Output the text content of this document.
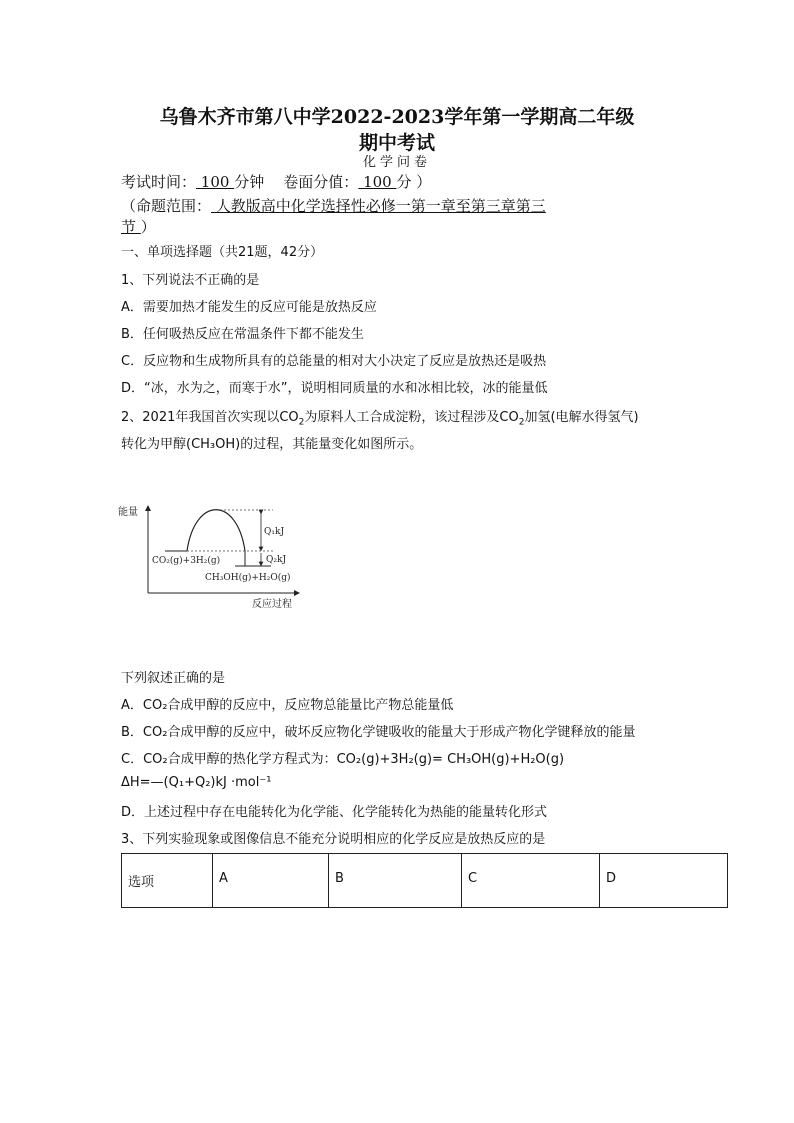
乌鲁木齐市第八中学2022-2023学年第一学期高二年级
期中考试
化学问卷
考试时间： 100 分钟 卷面分值： 100 分 ）
（命题范围： 人教版高中化学选择性必修一第一章至第三章第三
节 ）
一、单项选择题（共21题，42分）
1、下列说法不正确的是
A．需要加热才能发生的反应可能是放热反应
B．任何吸热反应在常温条件下都不能发生
C．反应物和生成物所具有的总能量的相对大小决定了反应是放热还是吸热
D．“冰，水为之，而寒于水”，说明相同质量的水和冰相比较，冰的能量低
2、2021年我国首次实现以$CO_2$为原料人工合成淀粉，该过程涉及$CO_2$加氢(电解水得氢气)
转化为甲醇(CH₃OH)的过程，其能量变化如图所示。
能量
反应过程
Q₁kJ
Q₂kJ
CO₂(g)+3H₂(g)
CH₃OH(g)+H₂O(g)
下列叙述正确的是
A．CO₂合成甲醇的反应中，反应物总能量比产物总能量低
B．CO₂合成甲醇的反应中，破坏反应物化学键吸收的能量大于形成产物化学键释放的能量
C．CO₂合成甲醇的热化学方程式为：CO₂(g)+3H₂(g)= CH₃OH(g)+H₂O(g)
ΔH=—(Q₁+Q₂)kJ ·mol⁻¹
D．上述过程中存在电能转化为化学能、化学能转化为热能的能量转化形式
3、下列实验现象或图像信息不能充分说明相应的化学反应是放热反应的是
选项	A	B	C	D
